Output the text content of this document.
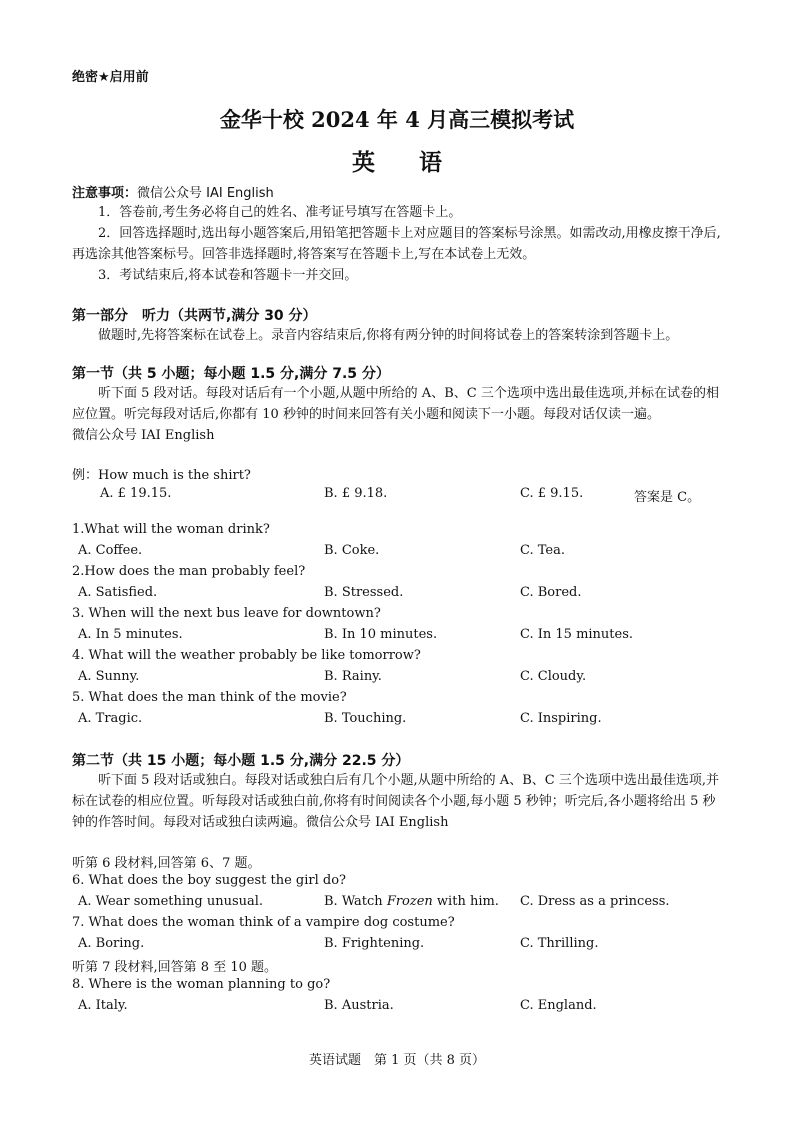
绝密★启用前
金华十校 2024 年 4 月高三模拟考试
英 语
注意事项：微信公众号 IAI English
1．答卷前,考生务必将自己的姓名、准考证号填写在答题卡上。
2．回答选择题时,选出每小题答案后,用铅笔把答题卡上对应题目的答案标号涂黑。如需改动,用橡皮擦干净后,再选涂其他答案标号。回答非选择题时,将答案写在答题卡上,写在本试卷上无效。
3．考试结束后,将本试卷和答题卡一并交回。
第一部分　听力（共两节,满分 30 分）
做题时,先将答案标在试卷上。录音内容结束后,你将有两分钟的时间将试卷上的答案转涂到答题卡上。
第一节（共 5 小题；每小题 1.5 分,满分 7.5 分）
听下面 5 段对话。每段对话后有一个小题,从题中所给的 A、B、C 三个选项中选出最佳选项,并标在试卷的相应位置。听完每段对话后,你都有 10 秒钟的时间来回答有关小题和阅读下一小题。每段对话仅读一遍。
微信公众号 IAI English
例：How much is the shirt?
A. £ 19.15.	B. £ 9.18.	C. £ 9.15.	答案是 C。
1.What will the woman drink?
A. Coffee.	B. Coke.	C. Tea.
2.How does the man probably feel?
A. Satisfied.	B. Stressed.	C. Bored.
3. When will the next bus leave for downtown?
A. In 5 minutes.	B. In 10 minutes.	C. In 15 minutes.
4. What will the weather probably be like tomorrow?
A. Sunny.	B. Rainy.	C. Cloudy.
5. What does the man think of the movie?
A. Tragic.	B. Touching.	C. Inspiring.
第二节（共 15 小题；每小题 1.5 分,满分 22.5 分）
听下面 5 段对话或独白。每段对话或独白后有几个小题,从题中所给的 A、B、C 三个选项中选出最佳选项,并标在试卷的相应位置。听每段对话或独白前,你将有时间阅读各个小题,每小题 5 秒钟；听完后,各小题将给出 5 秒钟的作答时间。每段对话或独白读两遍。微信公众号 IAI English
听第 6 段材料,回答第 6、7 题。
6. What does the boy suggest the girl do?
A. Wear something unusual.	B. Watch Frozen with him. C. Dress as a princess.
7. What does the woman think of a vampire dog costume?
A. Boring.	B. Frightening.	C. Thrilling.
听第 7 段材料,回答第 8 至 10 题。
8. Where is the woman planning to go?
A. Italy.	B. Austria.	C. England.
英语试题　第 1 页（共 8 页）
